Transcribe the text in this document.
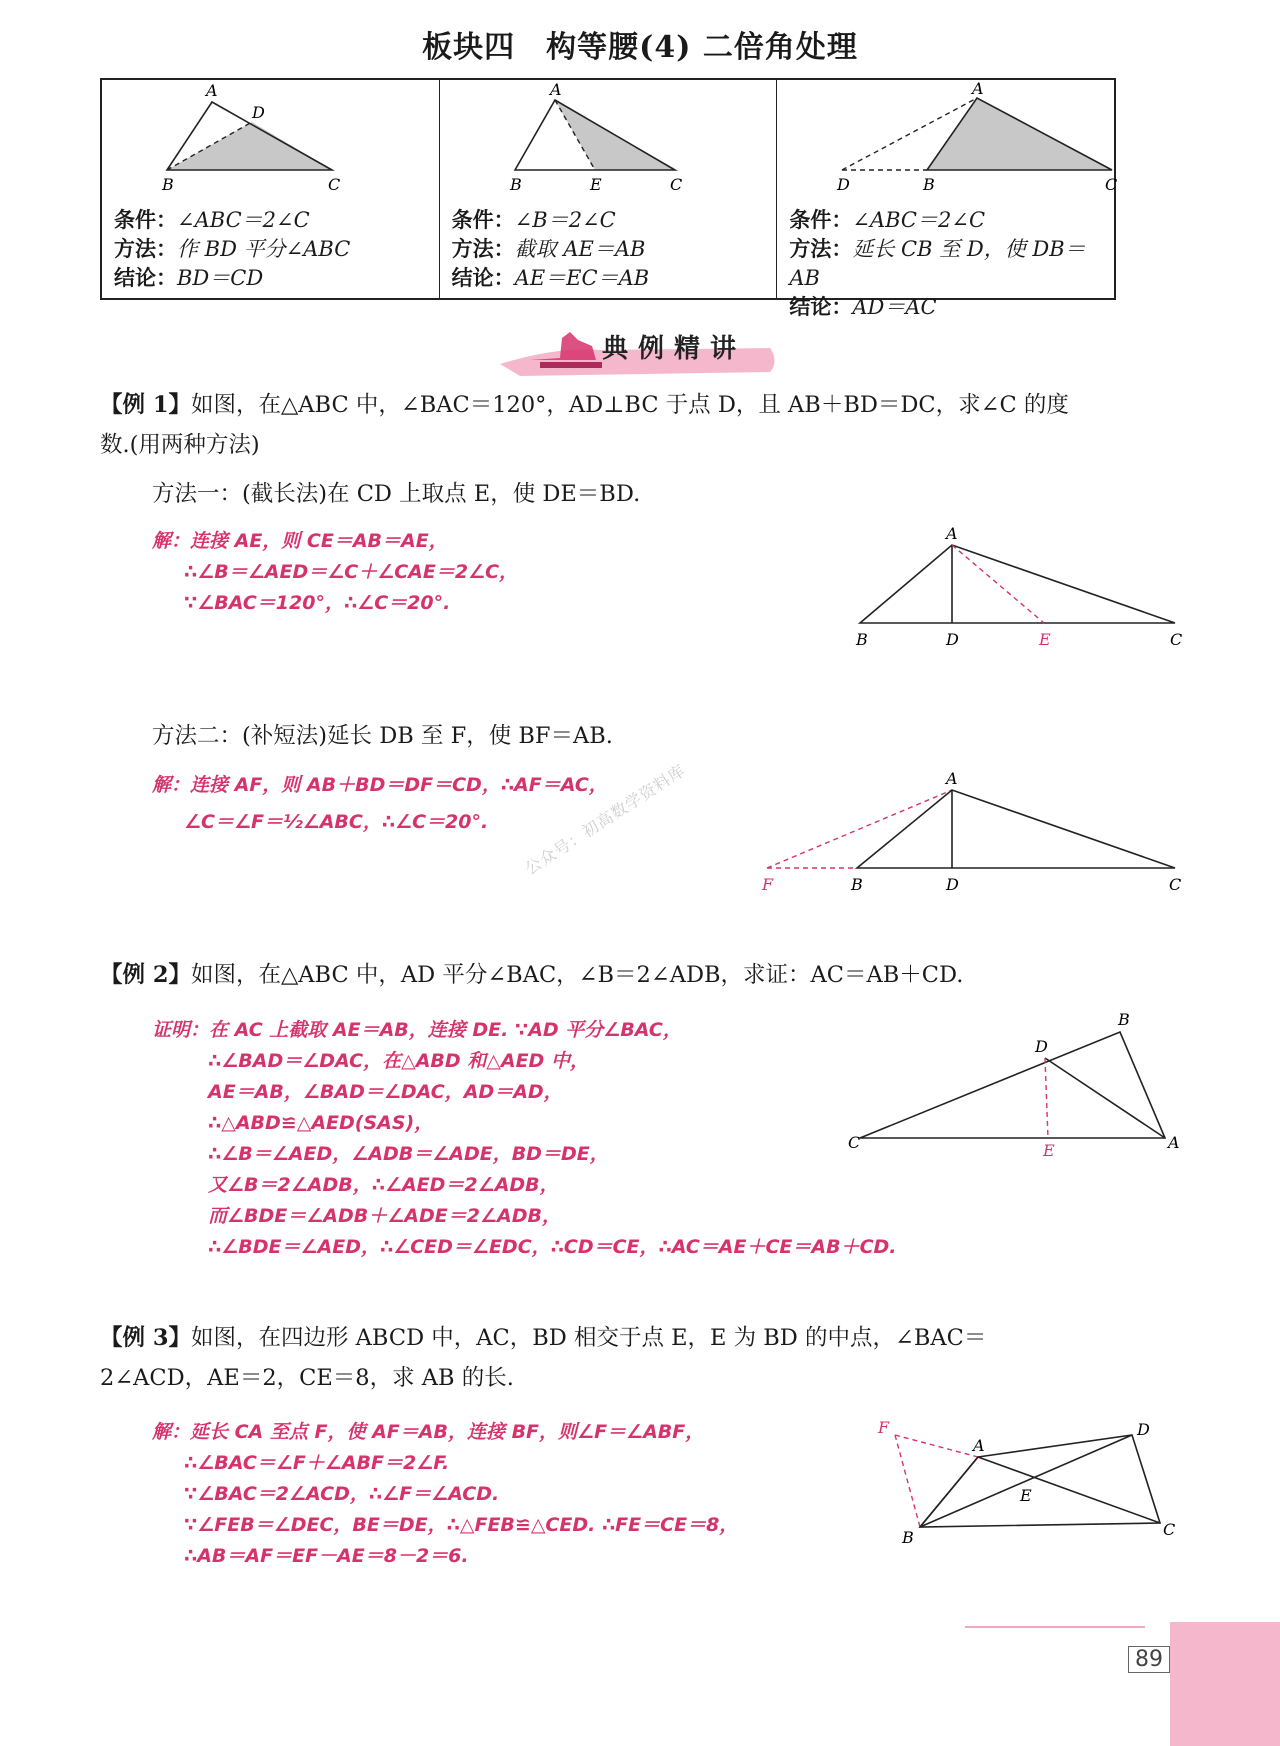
板块四　构等腰(4) 二倍角处理
A
D
B	C
条件：∠ABC＝2∠C
方法：作 BD 平分∠ABC
结论：BD＝CD
A
B	E	C
条件：∠B＝2∠C
方法：截取 AE＝AB
结论：AE＝EC＝AB
A
D	B	C
条件：∠ABC＝2∠C
方法：延长 CB 至 D，使 DB＝AB
结论：AD＝AC
典例精讲
【例 1】如图，在△ABC 中，∠BAC＝120°，AD⊥BC 于点 D，且 AB＋BD＝DC，求∠C 的度
数.(用两种方法)
方法一：(截长法)在 CD 上取点 E，使 DE＝BD.
解：连接 AE，则 CE＝AB＝AE，
∴∠B＝∠AED＝∠C＋∠CAE＝2∠C，
∵∠BAC＝120°，∴∠C＝20°.
A
B	D	E	C
方法二：(补短法)延长 DB 至 F，使 BF＝AB.
解：连接 AF，则 AB＋BD＝DF＝CD，∴AF＝AC，
∠C＝∠F＝½∠ABC，∴∠C＝20°.
A
F	B	D	C
公众号：初高数学资料库
【例 2】如图，在△ABC 中，AD 平分∠BAC，∠B＝2∠ADB，求证：AC＝AB＋CD.
证明：在 AC 上截取 AE＝AB，连接 DE. ∵AD 平分∠BAC，
∴∠BAD＝∠DAC，在△ABD 和△AED 中，
AE＝AB，∠BAD＝∠DAC，AD＝AD，
∴△ABD≌△AED(SAS)，
∴∠B＝∠AED，∠ADB＝∠ADE，BD＝DE，
又∠B＝2∠ADB，∴∠AED＝2∠ADB，
而∠BDE＝∠ADB＋∠ADE＝2∠ADB，
∴∠BDE＝∠AED，∴∠CED＝∠EDC，∴CD＝CE，∴AC＝AE＋CE＝AB＋CD.
B
D
C	E	A
【例 3】如图，在四边形 ABCD 中，AC，BD 相交于点 E，E 为 BD 的中点，∠BAC＝
2∠ACD，AE＝2，CE＝8，求 AB 的长.
解：延长 CA 至点 F，使 AF＝AB，连接 BF，则∠F＝∠ABF，
∴∠BAC＝∠F＋∠ABF＝2∠F.
∵∠BAC＝2∠ACD，∴∠F＝∠ACD.
∵∠FEB＝∠DEC，BE＝DE，∴△FEB≌△CED. ∴FE＝CE＝8，
∴AB＝AF＝EF－AE＝8－2＝6.
F
A
D
E
B	C
89
